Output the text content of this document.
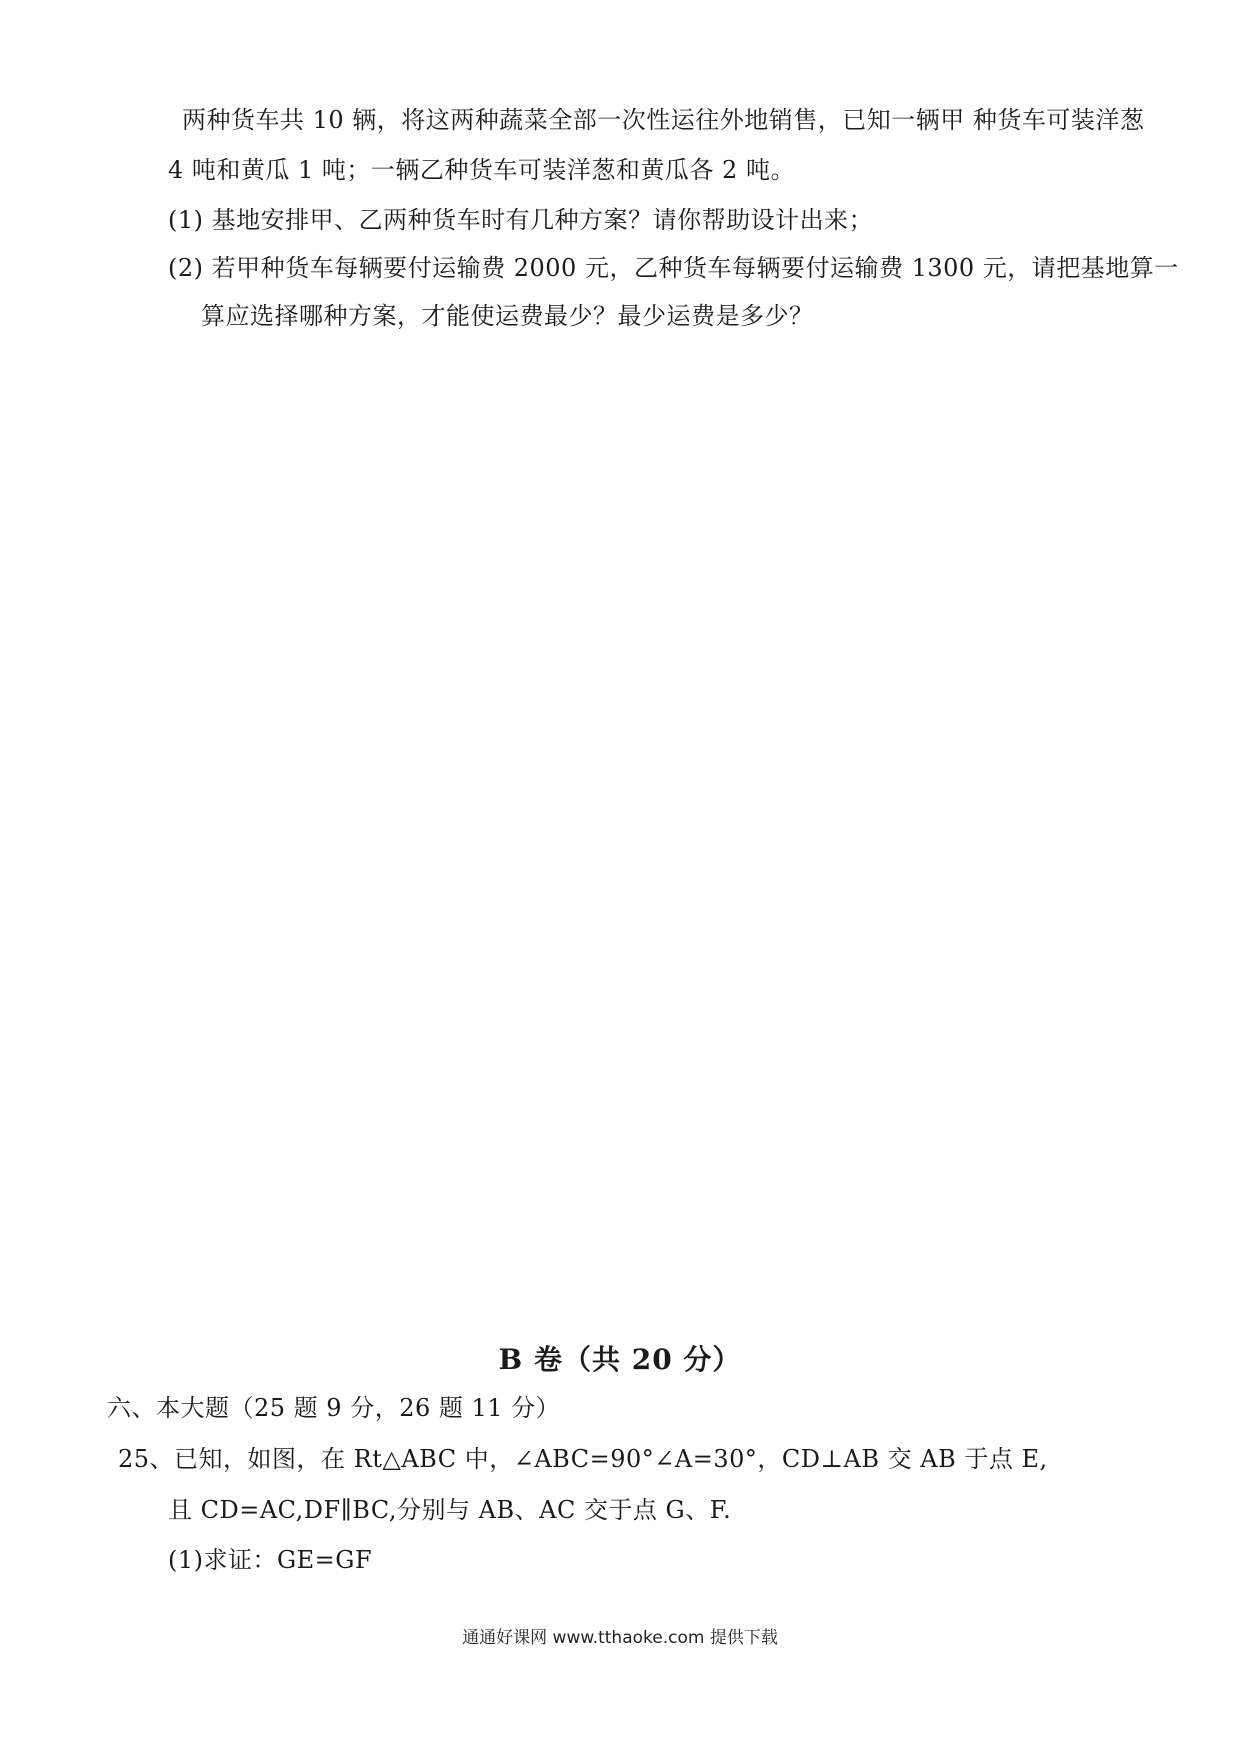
两种货车共 10 辆，将这两种蔬菜全部一次性运往外地销售，已知一辆甲 种货车可装洋葱
4 吨和黄瓜 1 吨；一辆乙种货车可装洋葱和黄瓜各 2 吨。
(1) 基地安排甲、乙两种货车时有几种方案？请你帮助设计出来；
(2) 若甲种货车每辆要付运输费 2000 元，乙种货车每辆要付运输费 1300 元，请把基地算一
算应选择哪种方案，才能使运费最少？最少运费是多少？
B 卷（共 20 分）
六、本大题（25 题 9 分，26 题 11 分）
25、已知，如图，在 Rt△ABC 中，∠ABC=90°∠A=30°，CD⊥AB 交 AB 于点 E,
且 CD=AC,DF∥BC,分别与 AB、AC 交于点 G、F.
(1)求证：GE=GF
通通好课网 www.tthaoke.com 提供下载
